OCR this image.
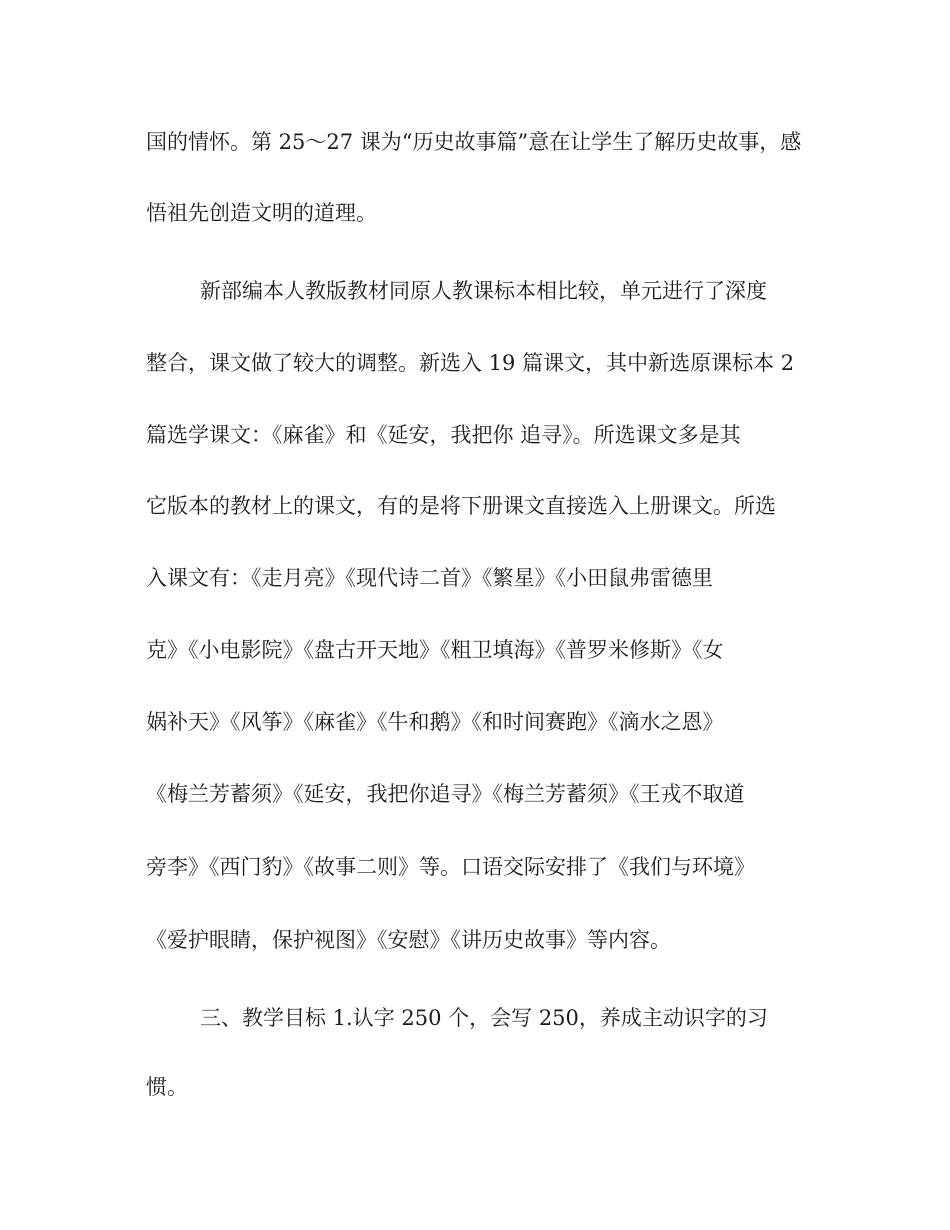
国的情怀。第 25～27 课为“历史故事篇”意在让学生了解历史故事，感
悟祖先创造文明的道理。
新部编本人教版教材同原人教课标本相比较，单元进行了深度
整合，课文做了较大的调整。新选入 19 篇课文，其中新选原课标本 2
篇选学课文：《麻雀》和《延安，我把你 追寻》。所选课文多是其
它版本的教材上的课文，有的是将下册课文直接选入上册课文。所选
入课文有：《走月亮》《现代诗二首》《繁星》《小田鼠弗雷德里
克》《小电影院》《盘古开天地》《粗卫填海》《普罗米修斯》《女
娲补天》《风筝》《麻雀》《牛和鹅》《和时间赛跑》《滴水之恩》
《梅兰芳蓄须》《延安，我把你追寻》《梅兰芳蓄须》《王戎不取道
旁李》《西门豹》《故事二则》等。口语交际安排了《我们与环境》
《爱护眼睛，保护视图》《安慰》《讲历史故事》等内容。
三、教学目标 1.认字 250 个，会写 250，养成主动识字的习
惯。
